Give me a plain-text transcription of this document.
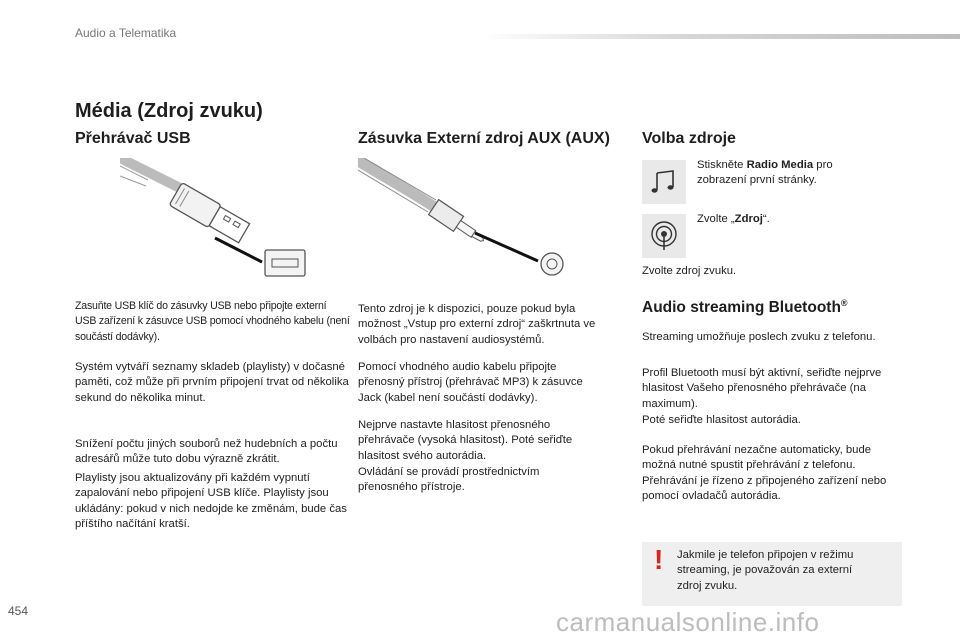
Audio a Telematika
Média (Zdroj zvuku)
Přehrávač USB
Zasuňte USB klíč do zásuvky USB nebo připojte externí USB zařízení k zásuvce USB pomocí vhodného kabelu (není součástí dodávky).
Systém vytváří seznamy skladeb (playlisty) v dočasné paměti, což může při prvním připojení trvat od několika sekund do několika minut.
Snížení počtu jiných souborů než hudebních a počtu adresářů může tuto dobu výrazně zkrátit.
Playlisty jsou aktualizovány při každém vypnutí zapalování nebo připojení USB klíče. Playlisty jsou ukládány: pokud v nich nedojde ke změnám, bude čas příštího načítání kratší.
Zásuvka Externí zdroj AUX (AUX)
Tento zdroj je k dispozici, pouze pokud byla možnost „Vstup pro externí zdroj“ zaškrtnuta ve volbách pro nastavení audiosystémů.
Pomocí vhodného audio kabelu připojte přenosný přístroj (přehrávač MP3) k zásuvce Jack (kabel není součástí dodávky).
Nejprve nastavte hlasitost přenosného přehrávače (vysoká hlasitost). Poté seřiďte hlasitost svého autorádia.
Ovládání se provádí prostřednictvím přenosného přístroje.
Volba zdroje
Stiskněte Radio Media pro zobrazení první stránky.
Zvolte „Zdroj“.
Zvolte zdroj zvuku.
Audio streaming Bluetooth®
Streaming umožňuje poslech zvuku z telefonu.
Profil Bluetooth musí být aktivní, seřiďte nejprve hlasitost Vašeho přenosného přehrávače (na maximum).
Poté seřiďte hlasitost autorádia.
Pokud přehrávání nezačne automaticky, bude možná nutné spustit přehrávání z telefonu. Přehrávání je řízeno z připojeného zařízení nebo pomocí ovladačů autorádia.
! Jakmile je telefon připojen v režimu streaming, je považován za externí zdroj zvuku.
454	carmanualsonline.info
